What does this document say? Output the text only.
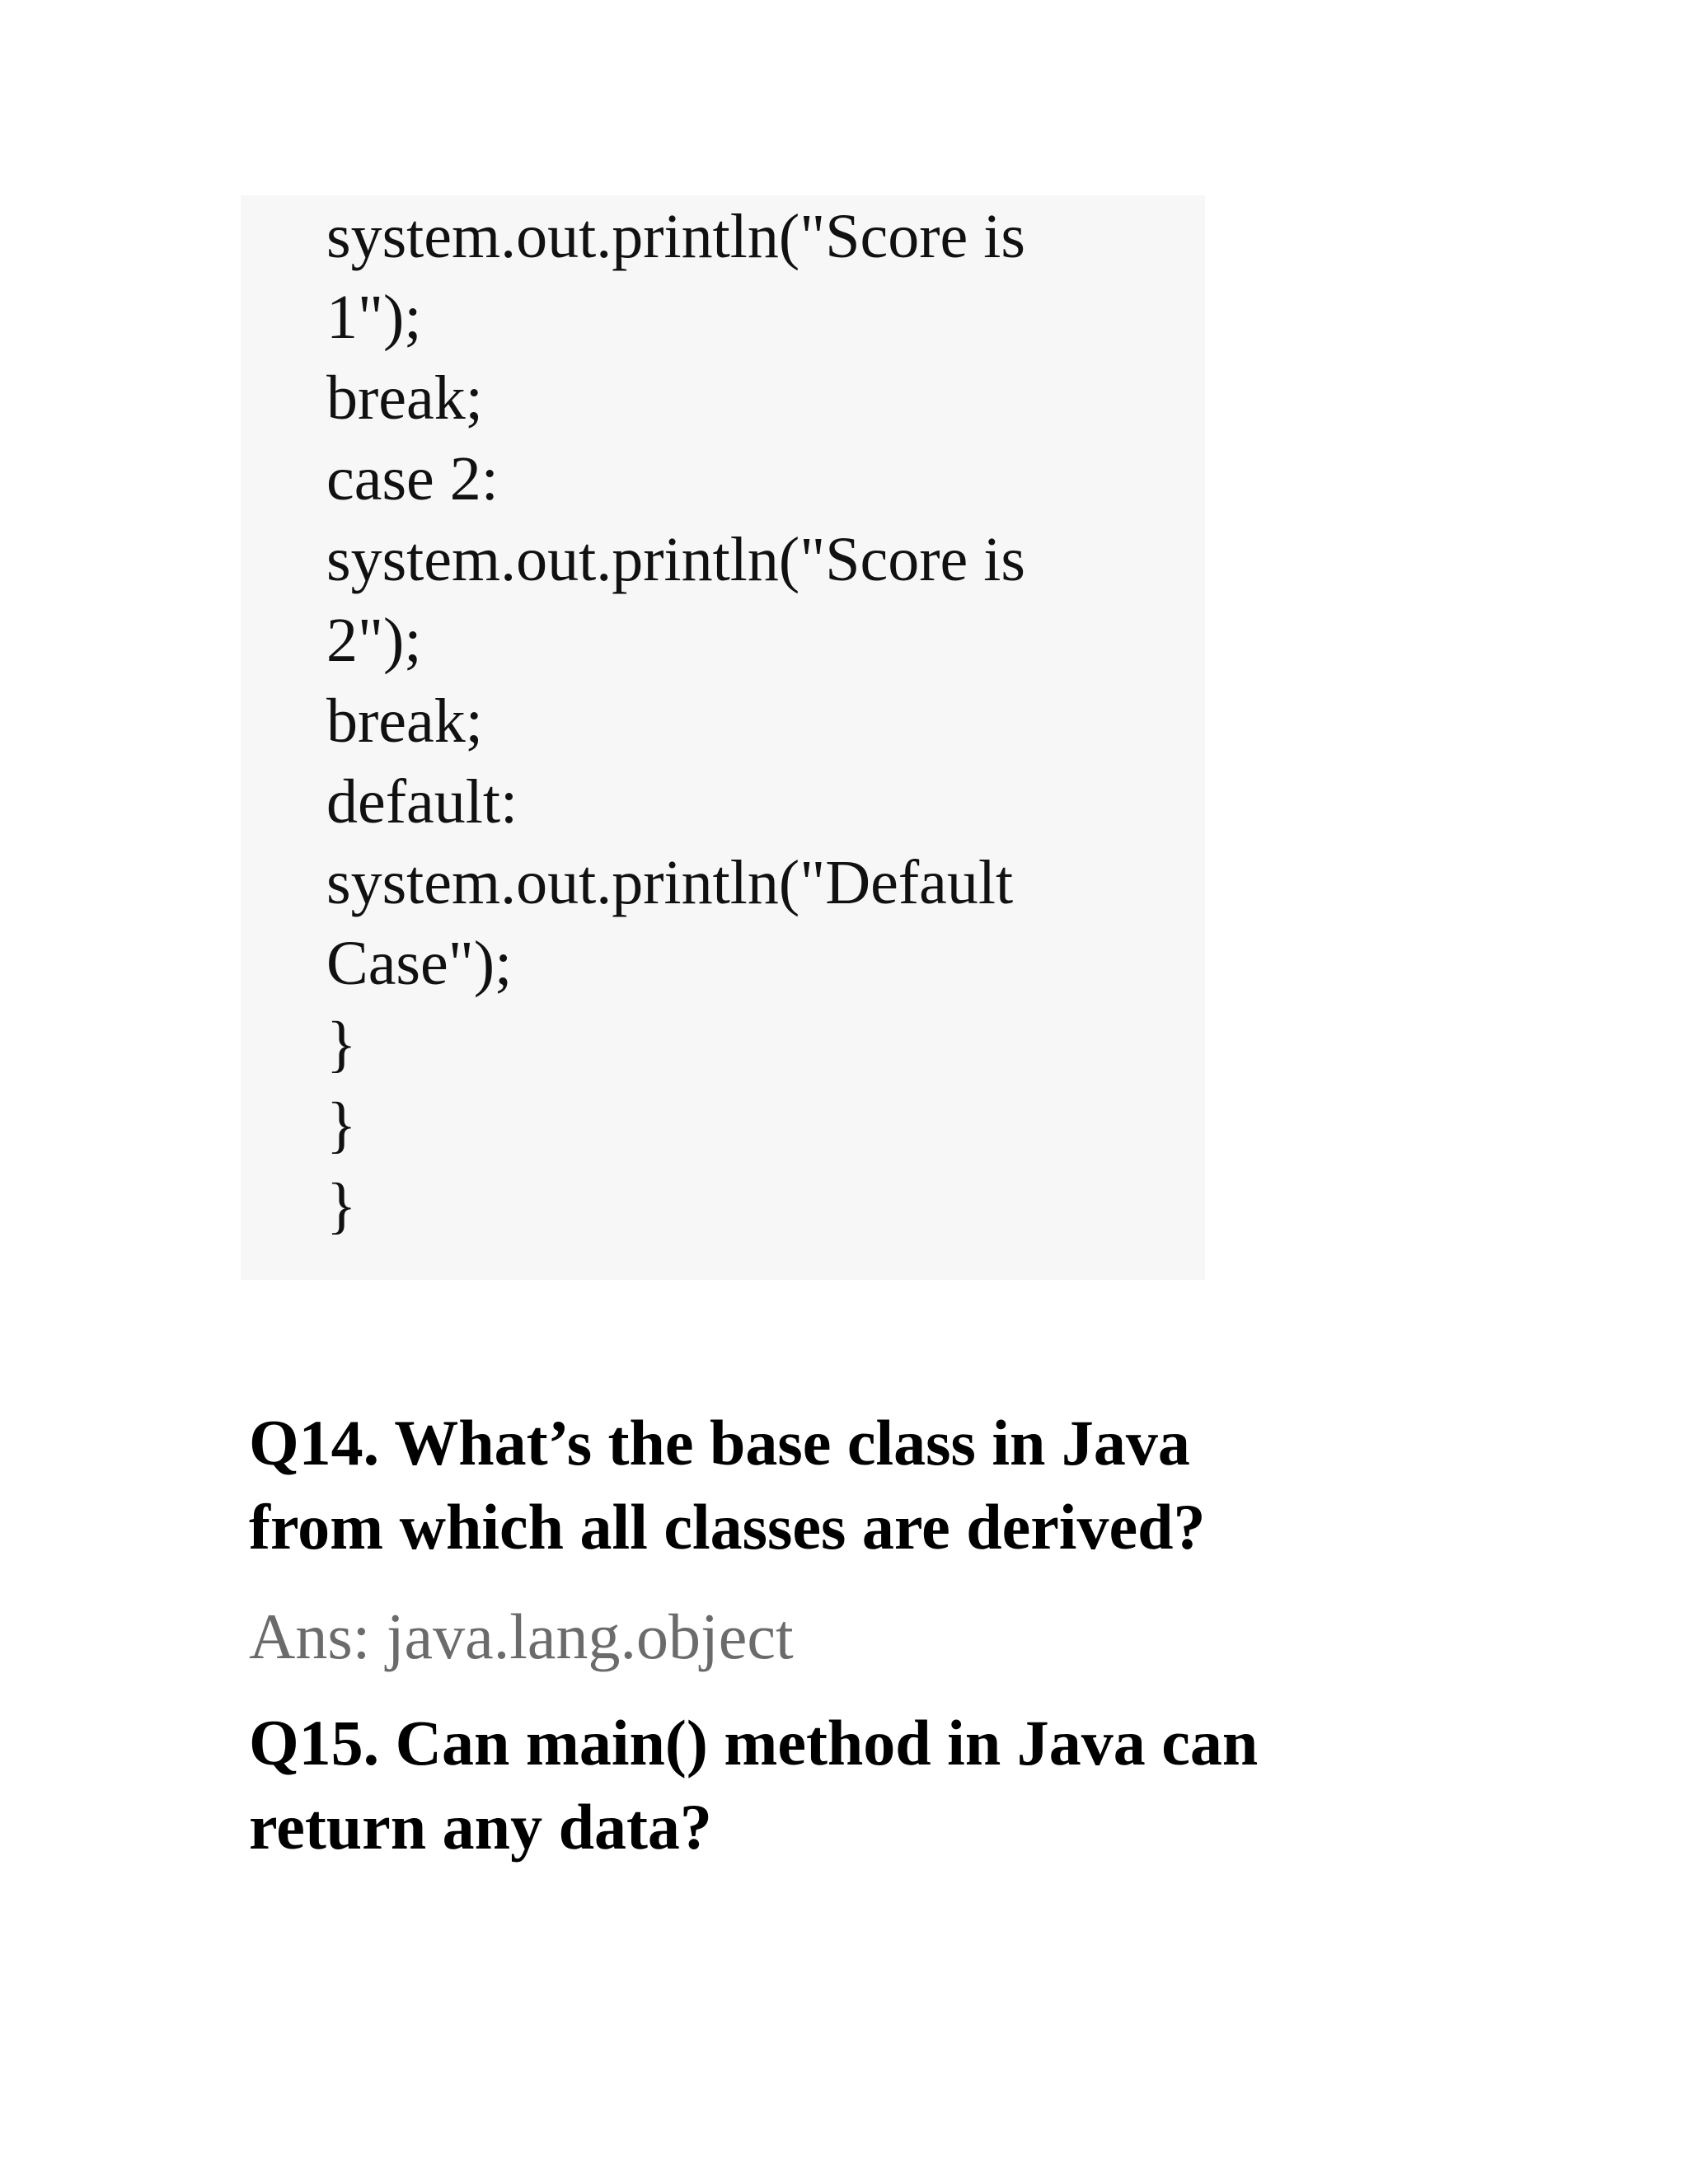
system.out.println("Score is
1");
break;
case 2:
system.out.println("Score is
2");
break;
default:
system.out.println("Default
Case");
}
}
}
Q14. What’s the base class in Java
from which all classes are derived?
Ans: java.lang.object
Q15. Can main() method in Java can
return any data?
